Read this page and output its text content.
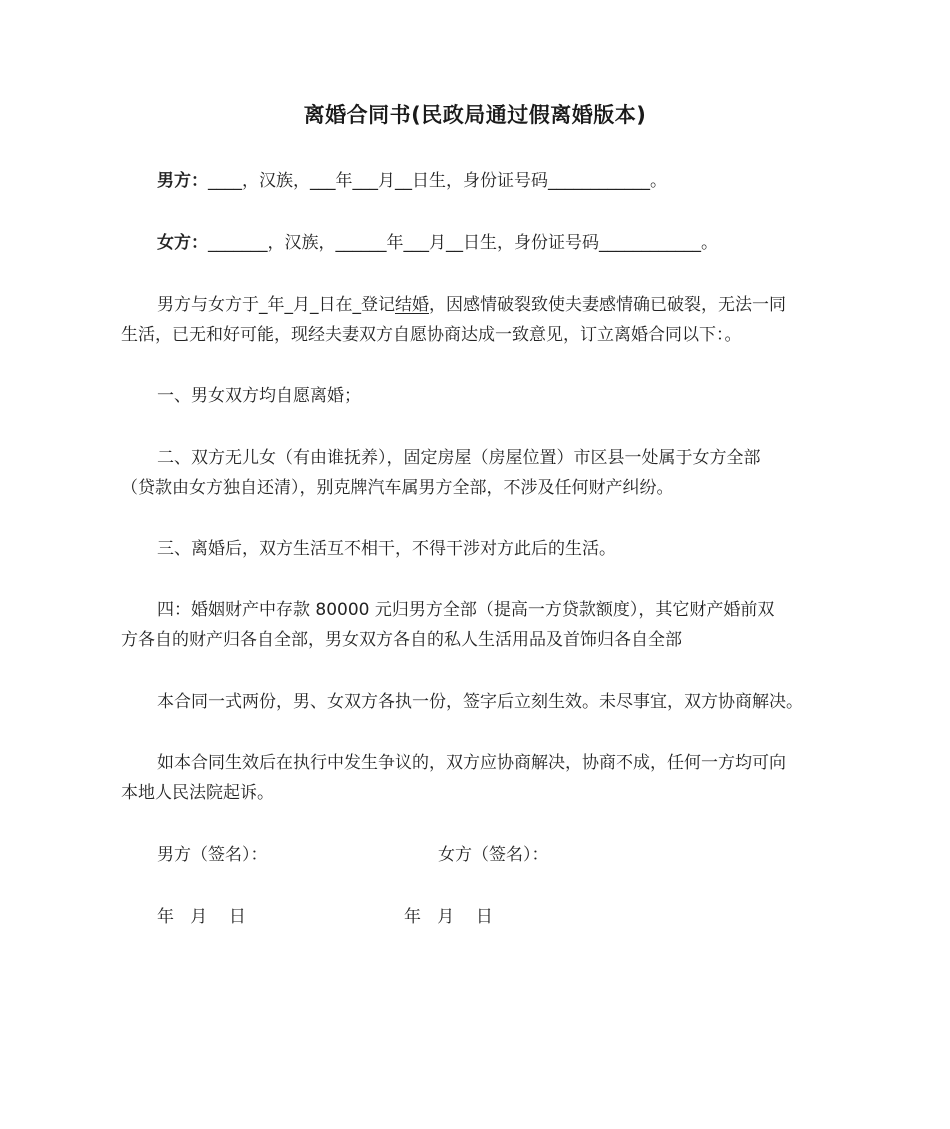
离婚合同书(民政局通过假离婚版本)
男方：____，汉族，___年___月__日生，身份证号码____________。
女方：_______，汉族，______年___月__日生，身份证号码____________。
男方与女方于_年_月_日在_登记结婚，因感情破裂致使夫妻感情确已破裂，无法一同
生活，已无和好可能，现经夫妻双方自愿协商达成一致意见，订立离婚合同以下：。
一、男女双方均自愿离婚；
二、双方无儿女（有由谁抚养），固定房屋（房屋位置）市区县一处属于女方全部
（贷款由女方独自还清），别克牌汽车属男方全部，不涉及任何财产纠纷。
三、离婚后，双方生活互不相干，不得干涉对方此后的生活。
四：婚姻财产中存款 80000 元归男方全部（提高一方贷款额度），其它财产婚前双
方各自的财产归各自全部，男女双方各自的私人生活用品及首饰归各自全部
本合同一式两份，男、女双方各执一份，签字后立刻生效。未尽事宜，双方协商解决。
如本合同生效后在执行中发生争议的，双方应协商解决，协商不成，任何一方均可向
本地人民法院起诉。
男方（签名）：	女方（签名）：
年   月    日	年   月    日
